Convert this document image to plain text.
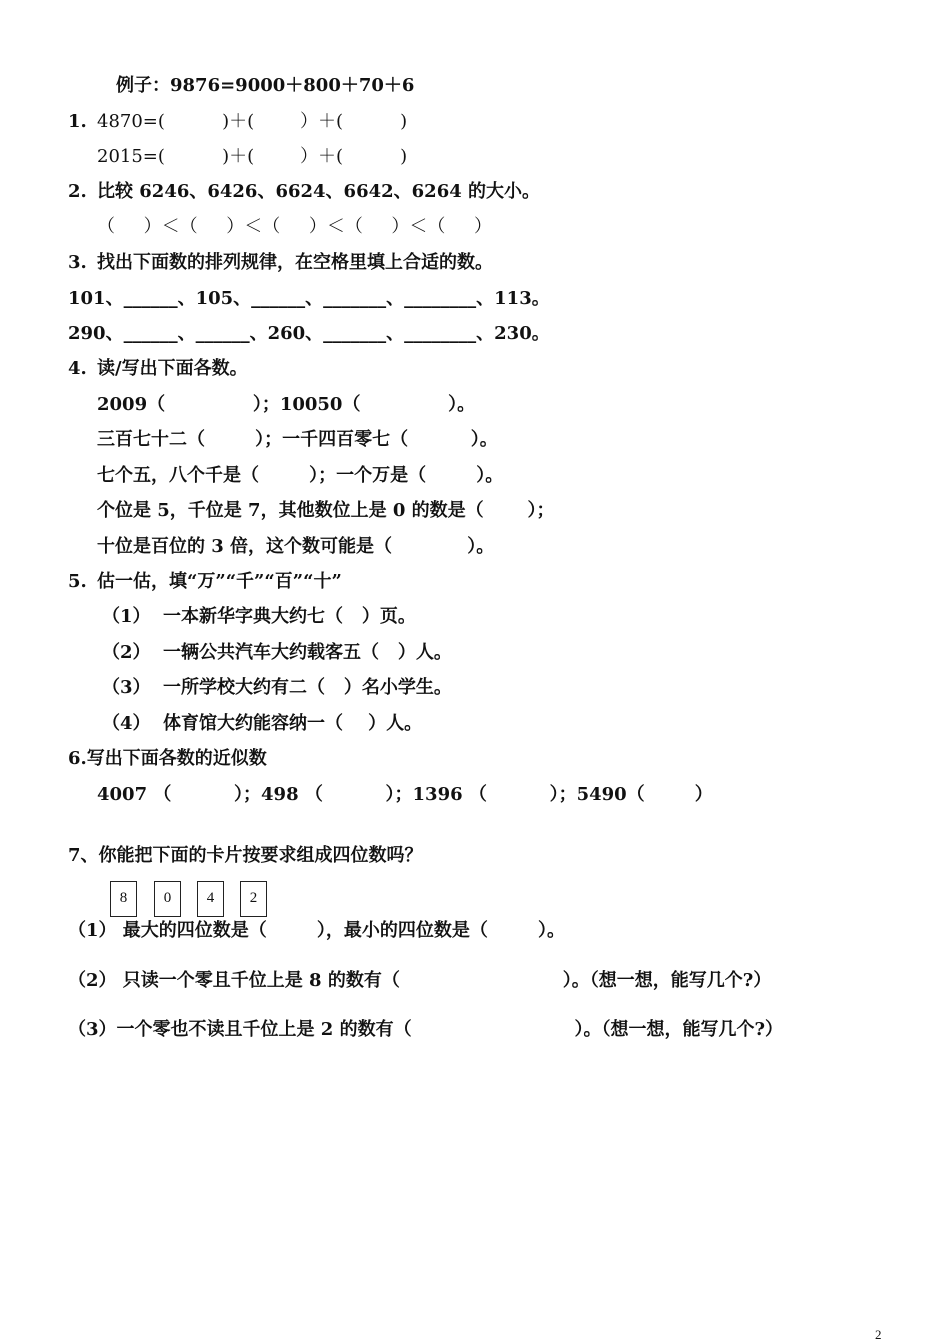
例子：9876=9000＋800＋70＋6
1. 4870=(          )＋(        ）＋(          )
2015=(          )＋(        ）＋(          )
2. 比较 6246、6426、6624、6642、6264 的大小。
（     ）＜（     ）＜（     ）＜（     ）＜（     ）
3. 找出下面数的排列规律，在空格里填上合适的数。
101、______、105、______、_______、________、113。
290、______、______、260、_______、________、230。
4. 读/写出下面各数。
2009（              ）；10050（              ）。
三百七十二（        ）；一千四百零七（          ）。
七个五，八个千是（        ）；一个万是（        ）。
个位是 5，千位是 7，其他数位上是 0 的数是（       ）；
十位是百位的 3 倍，这个数可能是（            ）。
5. 估一估，填“万”“千”“百”“十”
（1）  一本新华字典大约七（   ）页。
（2）  一辆公共汽车大约载客五（   ）人。
（3）  一所学校大约有二（   ）名小学生。
（4）  体育馆大约能容纳一（    ）人。
6.写出下面各数的近似数
4007 （          ）；498 （          ）；1396 （          ）；5490（        ）
7、你能把下面的卡片按要求组成四位数吗？
8	0	4	2
（1） 最大的四位数是（        ），最小的四位数是（        ）。
（2） 只读一个零且千位上是 8 的数有（                          ）。（想一想，能写几个?）
（3）一个零也不读且千位上是 2 的数有（                          ）。（想一想，能写几个?）
2
